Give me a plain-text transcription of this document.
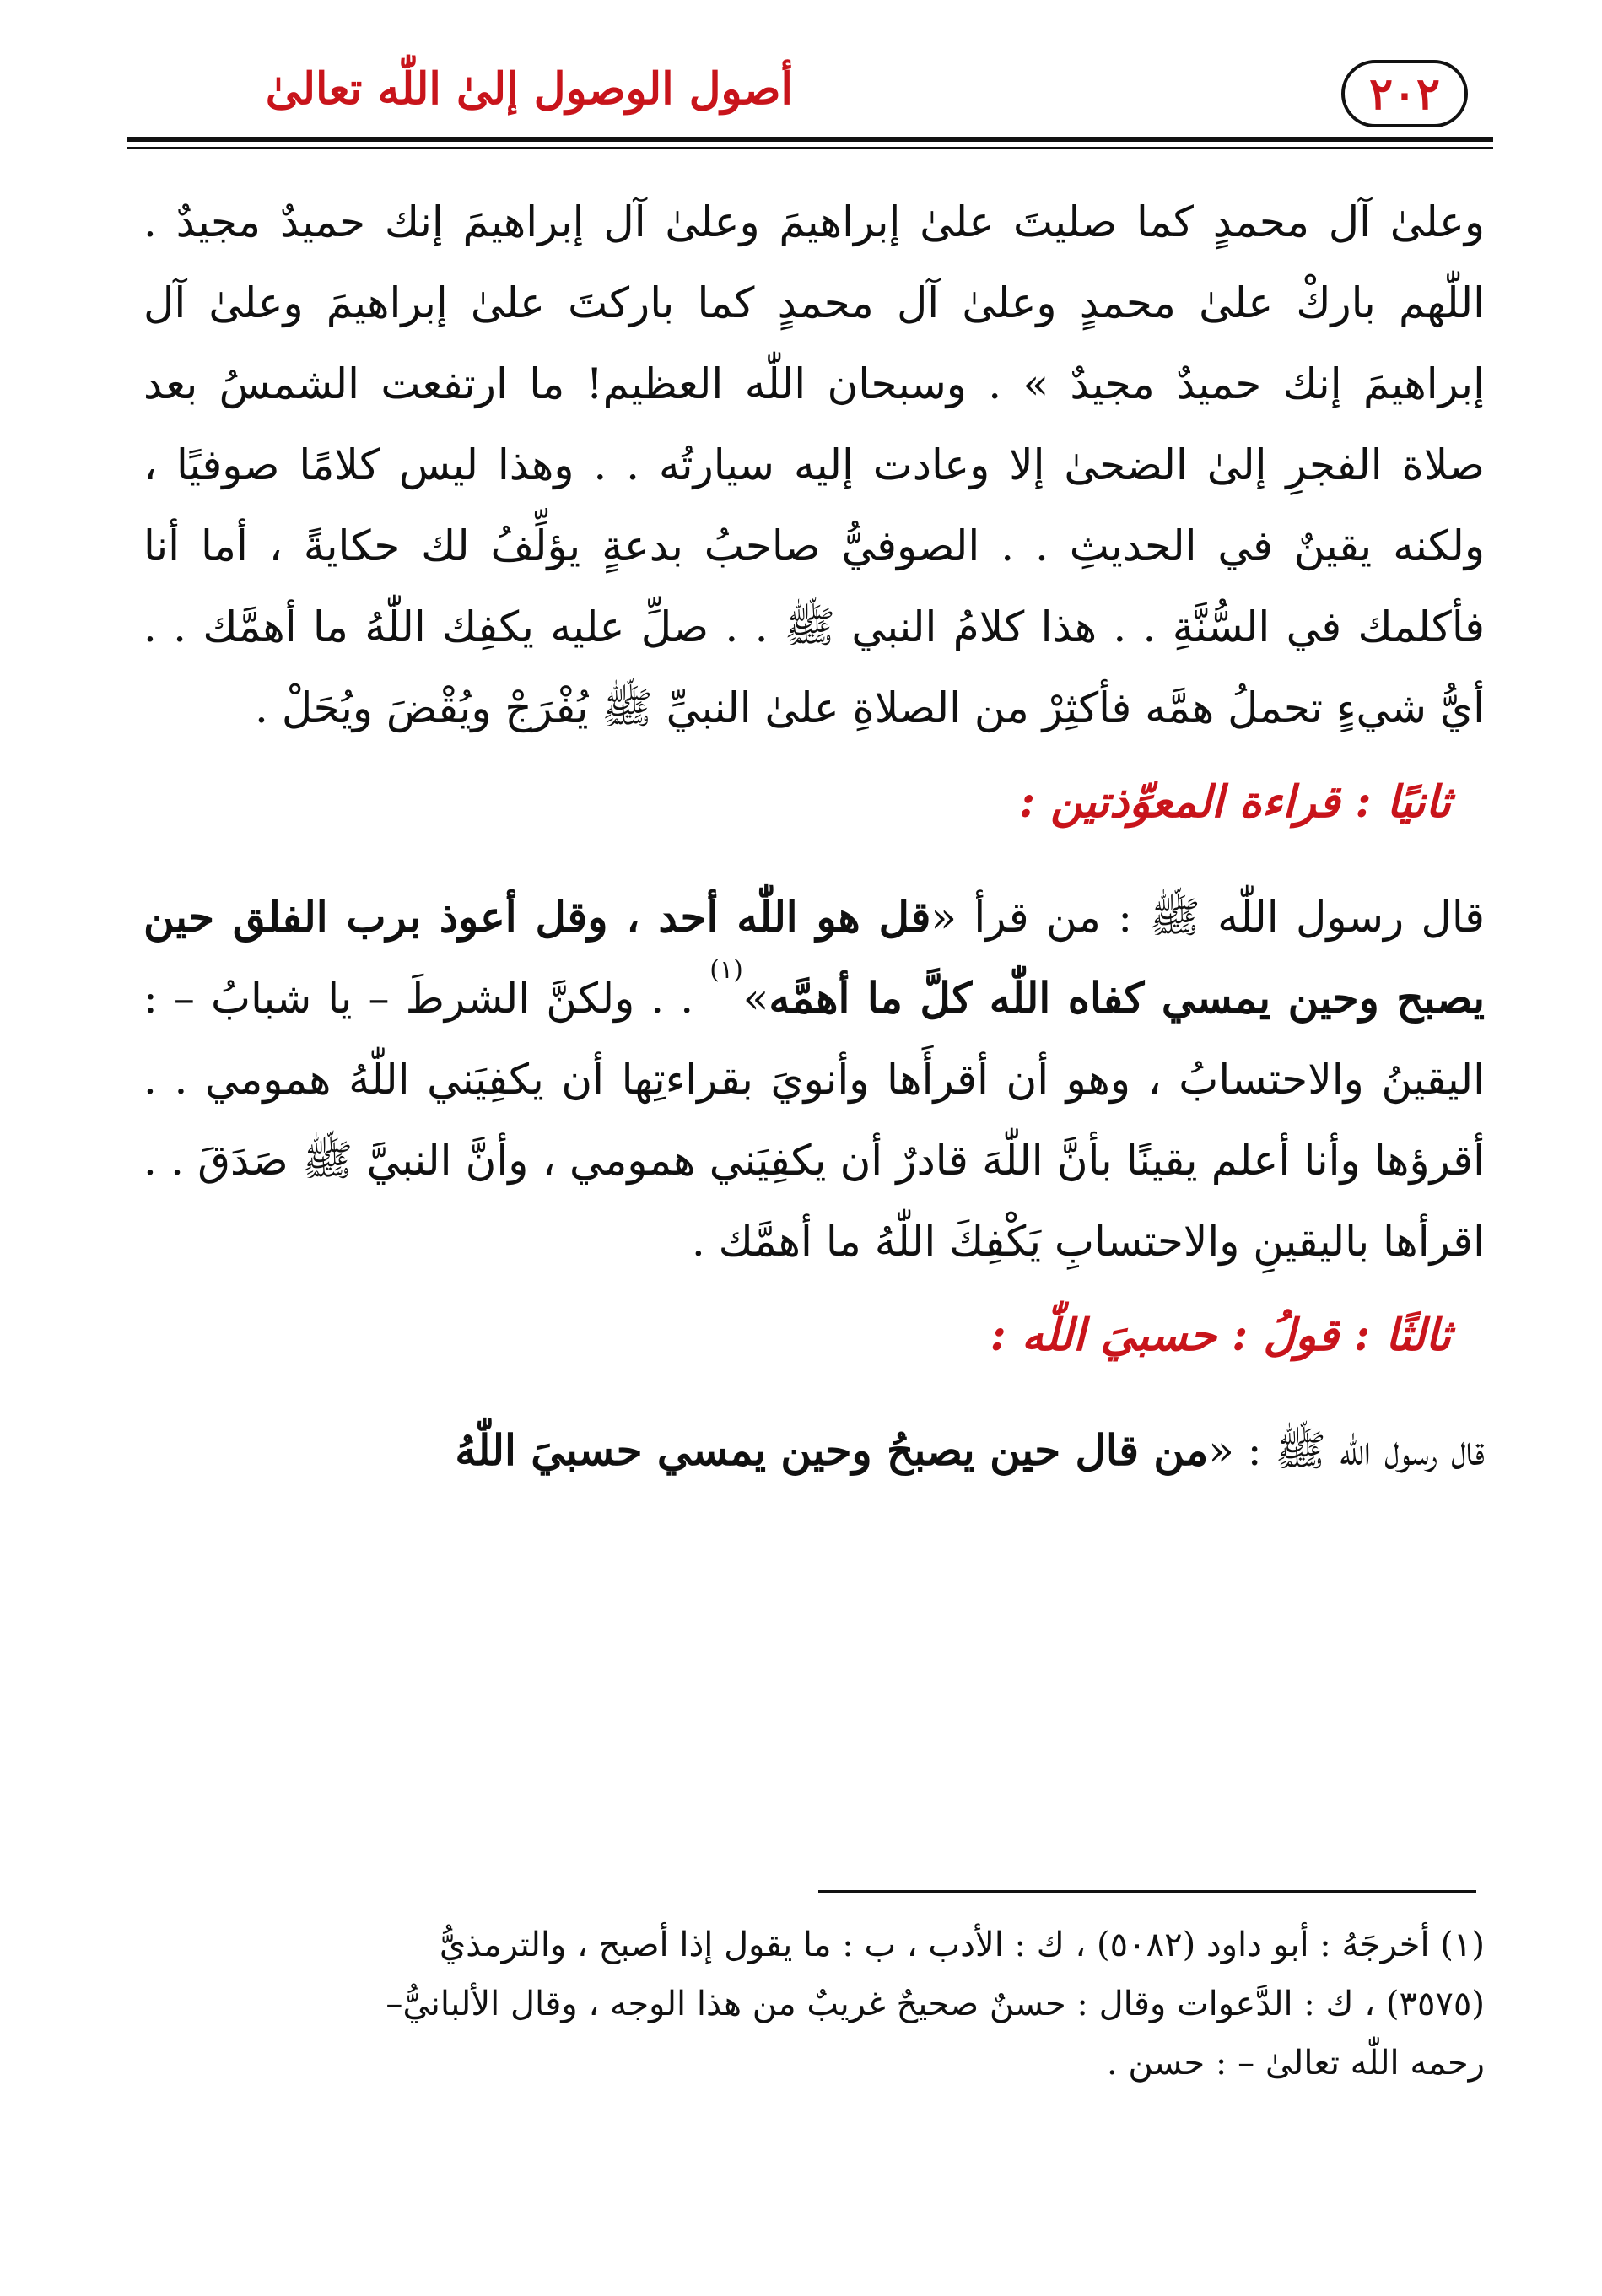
أصول الوصول إلىٰ اللّٰه تعالىٰ	٢٠٢

وعلىٰ آل محمدٍ كما صليتَ علىٰ إبراهيمَ وعلىٰ آل إبراهيمَ إنك حميدٌ مجيدٌ . اللّٰهم باركْ علىٰ محمدٍ وعلىٰ آل محمدٍ كما باركتَ علىٰ إبراهيمَ وعلىٰ آل إبراهيمَ إنك حميدٌ مجيدٌ » . وسبحان اللّٰه العظيم! ما ارتفعت الشمسُ بعد صلاة الفجرِ إلىٰ الضحىٰ إلا وعادت إليه سيارتُه . . وهذا ليس كلامًا صوفيًا ، ولكنه يقينٌ في الحديثِ . . الصوفيُّ صاحبُ بدعةٍ يؤلِّفُ لك حكايةً ، أما أنا فأكلمك في السُّنَّةِ . . هذا كلامُ النبي ﷺ . . صلِّ عليه يكفِك اللّٰهُ ما أهمَّك . . أيُّ شيءٍ تحملُ همَّه فأكثِرْ من الصلاةِ علىٰ النبيِّ ﷺ يُفْرَجْ ويُقْضَ ويُحَلْ .

ثانيًا : قراءة المعوِّذتين :

قال رسول اللّٰه ﷺ : من قرأ «قل هو اللّٰه أحد ، وقل أعوذ برب الفلق حين يصبح وحين يمسي كفاه اللّٰه كلَّ ما أهمَّه»$^{(١)}$ . . ولكنَّ الشرطَ – يا شبابُ – : اليقينُ والاحتسابُ ، وهو أن أقرأَها وأنويَ بقراءتِها أن يكفِيَني اللّٰهُ همومي . . أقرؤها وأنا أعلم يقينًا بأنَّ اللّٰهَ قادرٌ أن يكفِيَني همومي ، وأنَّ النبيَّ ﷺ صَدَقَ . . اقرأها باليقينِ والاحتسابِ يَكْفِكَ اللّٰهُ ما أهمَّك .

ثالثًا : قولُ : حسبيَ اللّٰه :

قال رسول اللّٰه ﷺ : «من قال حين يصبحُ وحين يمسي حسبيَ اللّٰهُ

(١) أخرجَهُ : أبو داود (٥٠٨٢) ، ك : الأدب ، ب : ما يقول إذا أصبح ، والترمذيُّ

(٣٥٧٥) ، ك : الدَّعوات وقال : حسنٌ صحيحٌ غريبٌ من هذا الوجه ، وقال الألبانيُّ–

رحمه اللّٰه تعالىٰ – : حسن .
